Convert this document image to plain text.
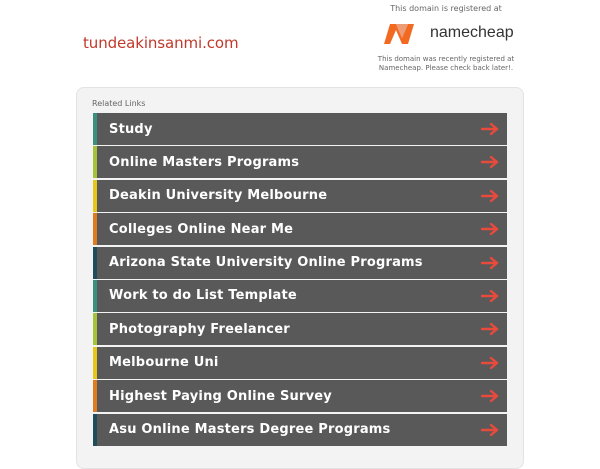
tundeakinsanmi.com
This domain is registered at
namecheap
This domain was recently registered at Namecheap. Please check back later!.
Related Links
Study
Online Masters Programs
Deakin University Melbourne
Colleges Online Near Me
Arizona State University Online Programs
Work to do List Template
Photography Freelancer
Melbourne Uni
Highest Paying Online Survey
Asu Online Masters Degree Programs
